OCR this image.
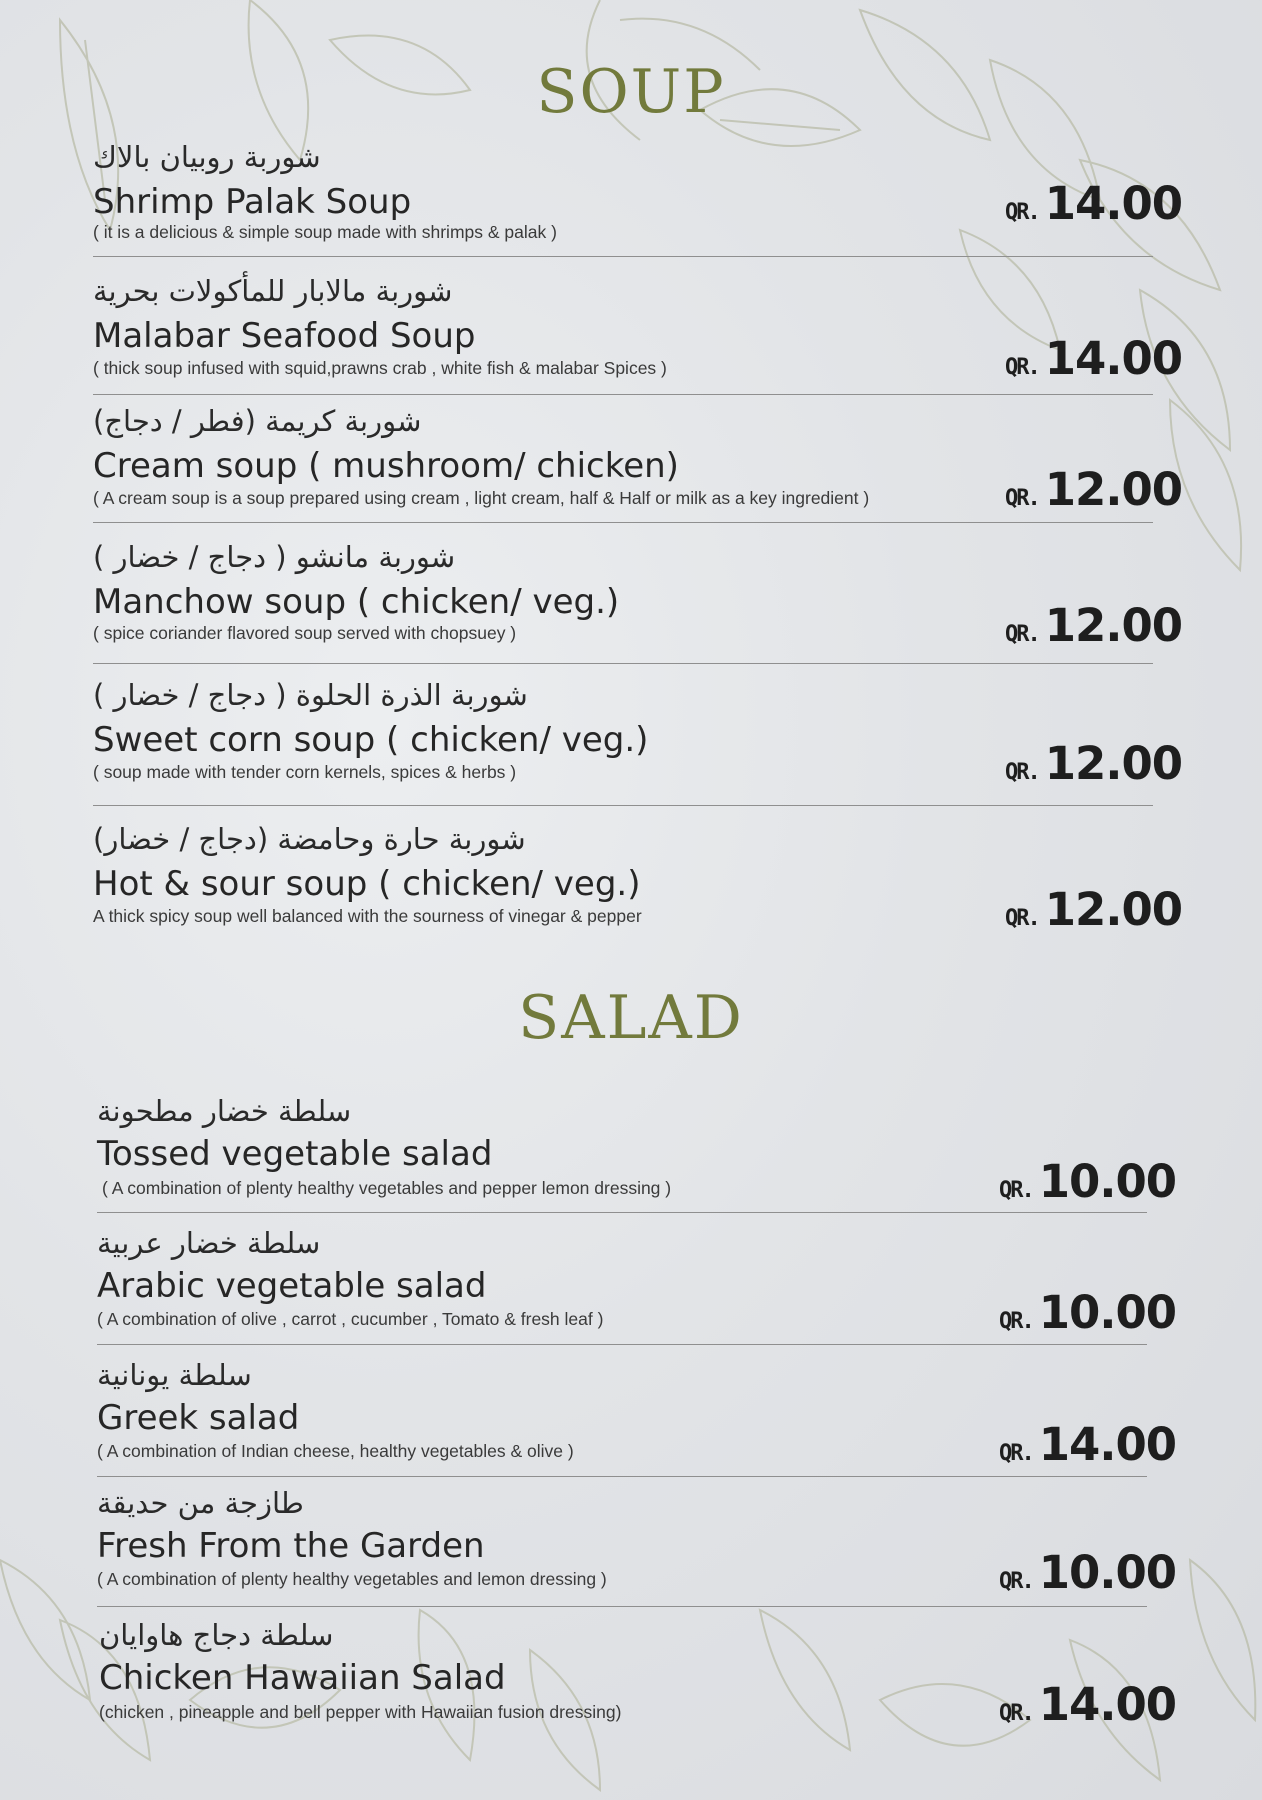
SOUP
شوربة روبيان بالاك
Shrimp Palak Soup
( it is a delicious & simple soup made with shrimps & palak )
QR. 14.00
شوربة مالابار للمأكولات بحرية
Malabar Seafood Soup
( thick soup infused with squid,prawns crab , white fish & malabar Spices )	QR. 14.00
شوربة كريمة (فطر / دجاج)
Cream soup ( mushroom/ chicken)
( A cream soup is a soup prepared using cream , light cream, half & Half or milk as a key ingredient )	QR. 12.00
شوربة مانشو ( دجاج / خضار )
Manchow soup ( chicken/ veg.)
( spice coriander flavored soup served with chopsuey )	QR. 12.00
شوربة الذرة الحلوة ( دجاج / خضار )
Sweet corn soup ( chicken/ veg.)
( soup made with tender corn kernels, spices & herbs )	QR. 12.00
شوربة حارة وحامضة (دجاج / خضار)
Hot & sour soup ( chicken/ veg.)
A thick spicy soup well balanced with the sourness of vinegar & pepper	QR. 12.00
SALAD
سلطة خضار مطحونة
Tossed vegetable salad
( A combination of plenty healthy vegetables and pepper lemon dressing )	QR. 10.00
سلطة خضار عربية
Arabic vegetable salad
( A combination of olive , carrot , cucumber , Tomato & fresh leaf )	QR. 10.00
سلطة يونانية
Greek salad
( A combination of Indian cheese, healthy vegetables & olive )	QR. 14.00
طازجة من حديقة
Fresh From the Garden
( A combination of plenty healthy vegetables and lemon dressing )	QR. 10.00
سلطة دجاج هاوايان
Chicken Hawaiian Salad
(chicken , pineapple and bell pepper with Hawaiian fusion dressing)	QR. 14.00
